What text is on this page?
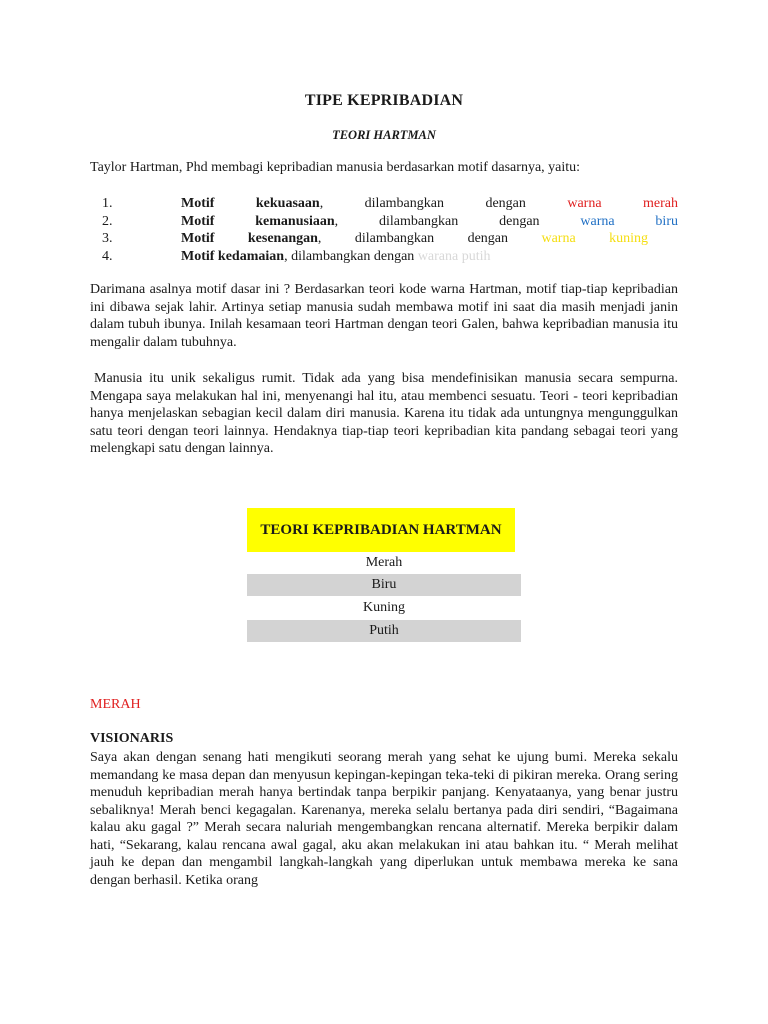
TIPE KEPRIBADIAN
TEORI HARTMAN
Taylor Hartman, Phd membagi kepribadian manusia berdasarkan motif dasarnya, yaitu:
1.	Motif kekuasaan, dilambangkan dengan warna merah
2.	Motif kemanusiaan, dilambangkan dengan warna biru
3.	Motif kesenangan, dilambangkan dengan warna kuning
4.	Motif kedamaian, dilambangkan dengan warana putih

Darimana asalnya motif dasar ini ? Berdasarkan teori kode warna Hartman, motif tiap-tiap kepribadian ini dibawa sejak lahir. Artinya setiap manusia sudah membawa motif ini saat dia masih menjadi janin dalam tubuh ibunya. Inilah kesamaan teori Hartman dengan teori Galen, bahwa kepribadian manusia itu mengalir dalam tubuhnya.

Manusia itu unik sekaligus rumit. Tidak ada yang bisa mendefinisikan manusia secara sempurna. Mengapa saya melakukan hal ini, menyenangi hal itu, atau membenci sesuatu. Teori - teori kepribadian hanya menjelaskan sebagian kecil dalam diri manusia. Karena itu tidak ada untungnya mengunggulkan satu teori dengan teori lainnya. Hendaknya tiap-tiap teori kepribadian kita pandang sebagai teori yang melengkapi satu dengan lainnya.

TEORI KEPRIBADIAN HARTMAN
Merah
Biru
Kuning
Putih
MERAH
VISIONARIS

Saya akan dengan senang hati mengikuti seorang merah yang sehat ke ujung bumi. Mereka sekalu memandang ke masa depan dan menyusun kepingan-kepingan teka-teki di pikiran mereka. Orang sering menuduh kepribadian merah hanya bertindak tanpa berpikir panjang. Kenyataanya, yang benar justru sebaliknya! Merah benci kegagalan. Karenanya, mereka selalu bertanya pada diri sendiri, “Bagaimana kalau aku gagal ?” Merah secara naluriah mengembangkan rencana alternatif. Mereka berpikir dalam hati, “Sekarang, kalau rencana awal gagal, aku akan melakukan ini atau bahkan itu. “ Merah melihat jauh ke depan dan mengambil langkah-langkah yang diperlukan untuk membawa mereka ke sana dengan berhasil. Ketika orang
